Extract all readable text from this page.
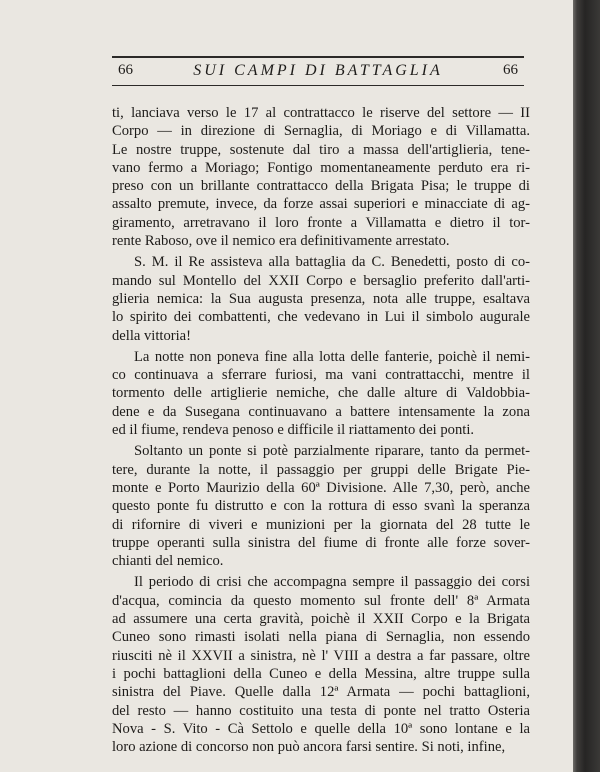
66	SUI CAMPI DI BATTAGLIA	66
ti, lanciava verso le 17 al contrattacco le riserve del settore — II
Corpo — in direzione di Sernaglia, di Moriago e di Villamatta.
Le nostre truppe, sostenute dal tiro a massa dell'artiglieria, tene-
vano fermo a Moriago; Fontigo momentaneamente perduto era ri-
preso con un brillante contrattacco della Brigata Pisa; le truppe di
assalto premute, invece, da forze assai superiori e minacciate di ag-
giramento, arretravano il loro fronte a Villamatta e dietro il tor-
rente Raboso, ove il nemico era definitivamente arrestato.
S. M. il Re assisteva alla battaglia da C. Benedetti, posto di co-
mando sul Montello del XXII Corpo e bersaglio preferito dall'arti-
glieria nemica: la Sua augusta presenza, nota alle truppe, esaltava
lo spirito dei combattenti, che vedevano in Lui il simbolo augurale
della vittoria!
La notte non poneva fine alla lotta delle fanterie, poichè il nemi-
co continuava a sferrare furiosi, ma vani contrattacchi, mentre il
tormento delle artiglierie nemiche, che dalle alture di Valdobbia-
dene e da Susegana continuavano a battere intensamente la zona
ed il fiume, rendeva penoso e difficile il riattamento dei ponti.
Soltanto un ponte si potè parzialmente riparare, tanto da permet-
tere, durante la notte, il passaggio per gruppi delle Brigate Pie-
monte e Porto Maurizio della 60ª Divisione. Alle 7,30, però, anche
questo ponte fu distrutto e con la rottura di esso svanì la speranza
di rifornire di viveri e munizioni per la giornata del 28 tutte le
truppe operanti sulla sinistra del fiume di fronte alle forze sover-
chianti del nemico.
Il periodo di crisi che accompagna sempre il passaggio dei corsi
d'acqua, comincia da questo momento sul fronte dell' 8ª Armata
ad assumere una certa gravità, poichè il XXII Corpo e la Brigata
Cuneo sono rimasti isolati nella piana di Sernaglia, non essendo
riusciti nè il XXVII a sinistra, nè l' VIII a destra a far passare, oltre
i pochi battaglioni della Cuneo e della Messina, altre truppe sulla
sinistra del Piave. Quelle dalla 12ª Armata — pochi battaglioni,
del resto — hanno costituito una testa di ponte nel tratto Osteria
Nova - S. Vito - Cà Settolo e quelle della 10ª sono lontane e la
loro azione di concorso non può ancora farsi sentire. Si noti, infine,
